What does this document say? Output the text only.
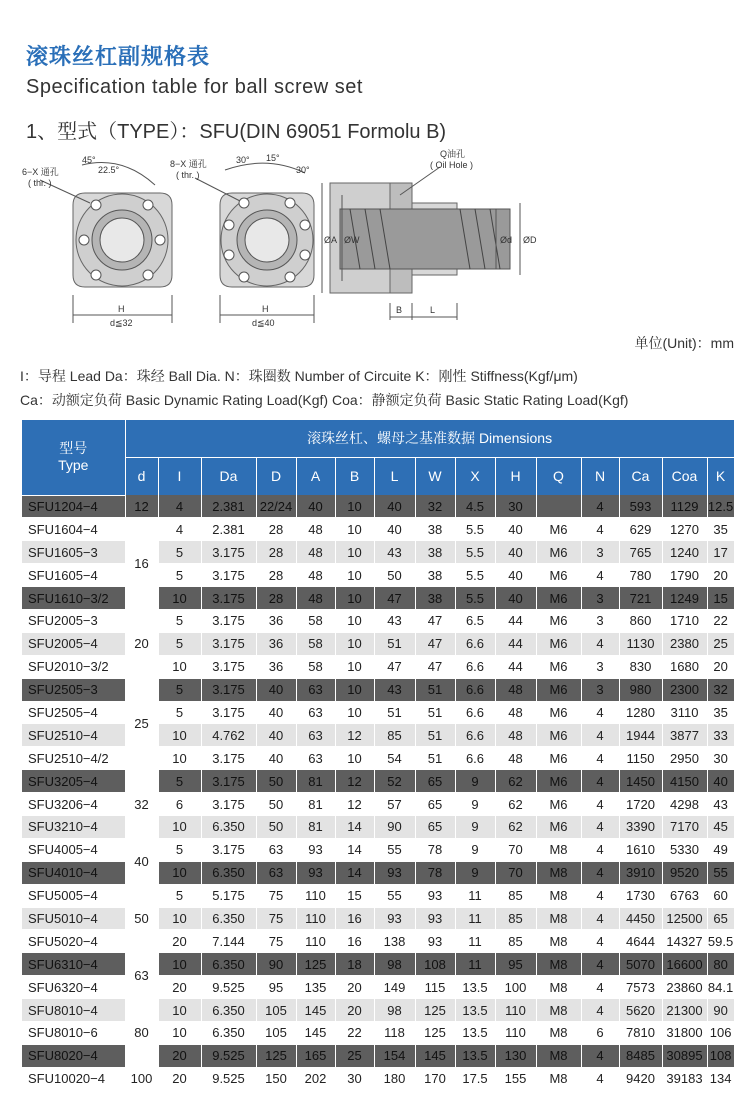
滚珠丝杠副规格表
Specification table for ball screw set
1、型式（TYPE）：SFU(DIN 69051 Formolu B)
6−X 通孔
( thr. )
45°
22.5°
H
d≦32
8−X 通孔
( thr. )
30° 15°
30°
H
d≦40
Q油孔
( Oil Hole )
ØA ØW	Ød ØD
B	L
单位(Unit)：mm
I：导程 Lead Da：珠经 Ball Dia. N：珠圈数 Number of Circuite K：刚性 Stiffness(Kgf/μm)
Ca：动额定负荷 Basic Dynamic Rating Load(Kgf) Coa：静额定负荷 Basic Static Rating Load(Kgf)
型号
Type	滚珠丝杠、螺母之基准数据 Dimensions														
	d	I	Da	D	A	B	L	W	X	H	Q	N	Ca	Coa	K
SFU1204−4	12	4	2.381	22/24	40	10	40	32	4.5	30		4	593	1129	12.5
SFU1604−4	16	4	2.381	28	48	10	40	38	5.5	40	M6	4	629	1270	35
SFU1605−3		5	3.175	28	48	10	43	38	5.5	40	M6	3	765	1240	17
SFU1605−4		5	3.175	28	48	10	50	38	5.5	40	M6	4	780	1790	20
SFU1610−3/2		10	3.175	28	48	10	47	38	5.5	40	M6	3	721	1249	15
SFU2005−3	20	5	3.175	36	58	10	43	47	6.5	44	M6	3	860	1710	22
SFU2005−4		5	3.175	36	58	10	51	47	6.6	44	M6	4	1130	2380	25
SFU2010−3/2		10	3.175	36	58	10	47	47	6.6	44	M6	3	830	1680	20
SFU2505−3	25	5	3.175	40	63	10	43	51	6.6	48	M6	3	980	2300	32
SFU2505−4		5	3.175	40	63	10	51	51	6.6	48	M6	4	1280	3110	35
SFU2510−4		10	4.762	40	63	12	85	51	6.6	48	M6	4	1944	3877	33
SFU2510−4/2		10	3.175	40	63	10	54	51	6.6	48	M6	4	1150	2950	30
SFU3205−4	32	5	3.175	50	81	12	52	65	9	62	M6	4	1450	4150	40
SFU3206−4		6	3.175	50	81	12	57	65	9	62	M6	4	1720	4298	43
SFU3210−4		10	6.350	50	81	14	90	65	9	62	M6	4	3390	7170	45
SFU4005−4	40	5	3.175	63	93	14	55	78	9	70	M8	4	1610	5330	49
SFU4010−4		10	6.350	63	93	14	93	78	9	70	M8	4	3910	9520	55
SFU5005−4	50	5	5.175	75	110	15	55	93	11	85	M8	4	1730	6763	60
SFU5010−4		10	6.350	75	110	16	93	93	11	85	M8	4	4450	12500	65
SFU5020−4		20	7.144	75	110	16	138	93	11	85	M8	4	4644	14327	59.5
SFU6310−4	63	10	6.350	90	125	18	98	108	11	95	M8	4	5070	16600	80
SFU6320−4		20	9.525	95	135	20	149	115	13.5	100	M8	4	7573	23860	84.1
SFU8010−4	80	10	6.350	105	145	20	98	125	13.5	110	M8	4	5620	21300	90
SFU8010−6		10	6.350	105	145	22	118	125	13.5	110	M8	6	7810	31800	106
SFU8020−4		20	9.525	125	165	25	154	145	13.5	130	M8	4	8485	30895	108
SFU10020−4	100	20	9.525	150	202	30	180	170	17.5	155	M8	4	9420	39183	134
